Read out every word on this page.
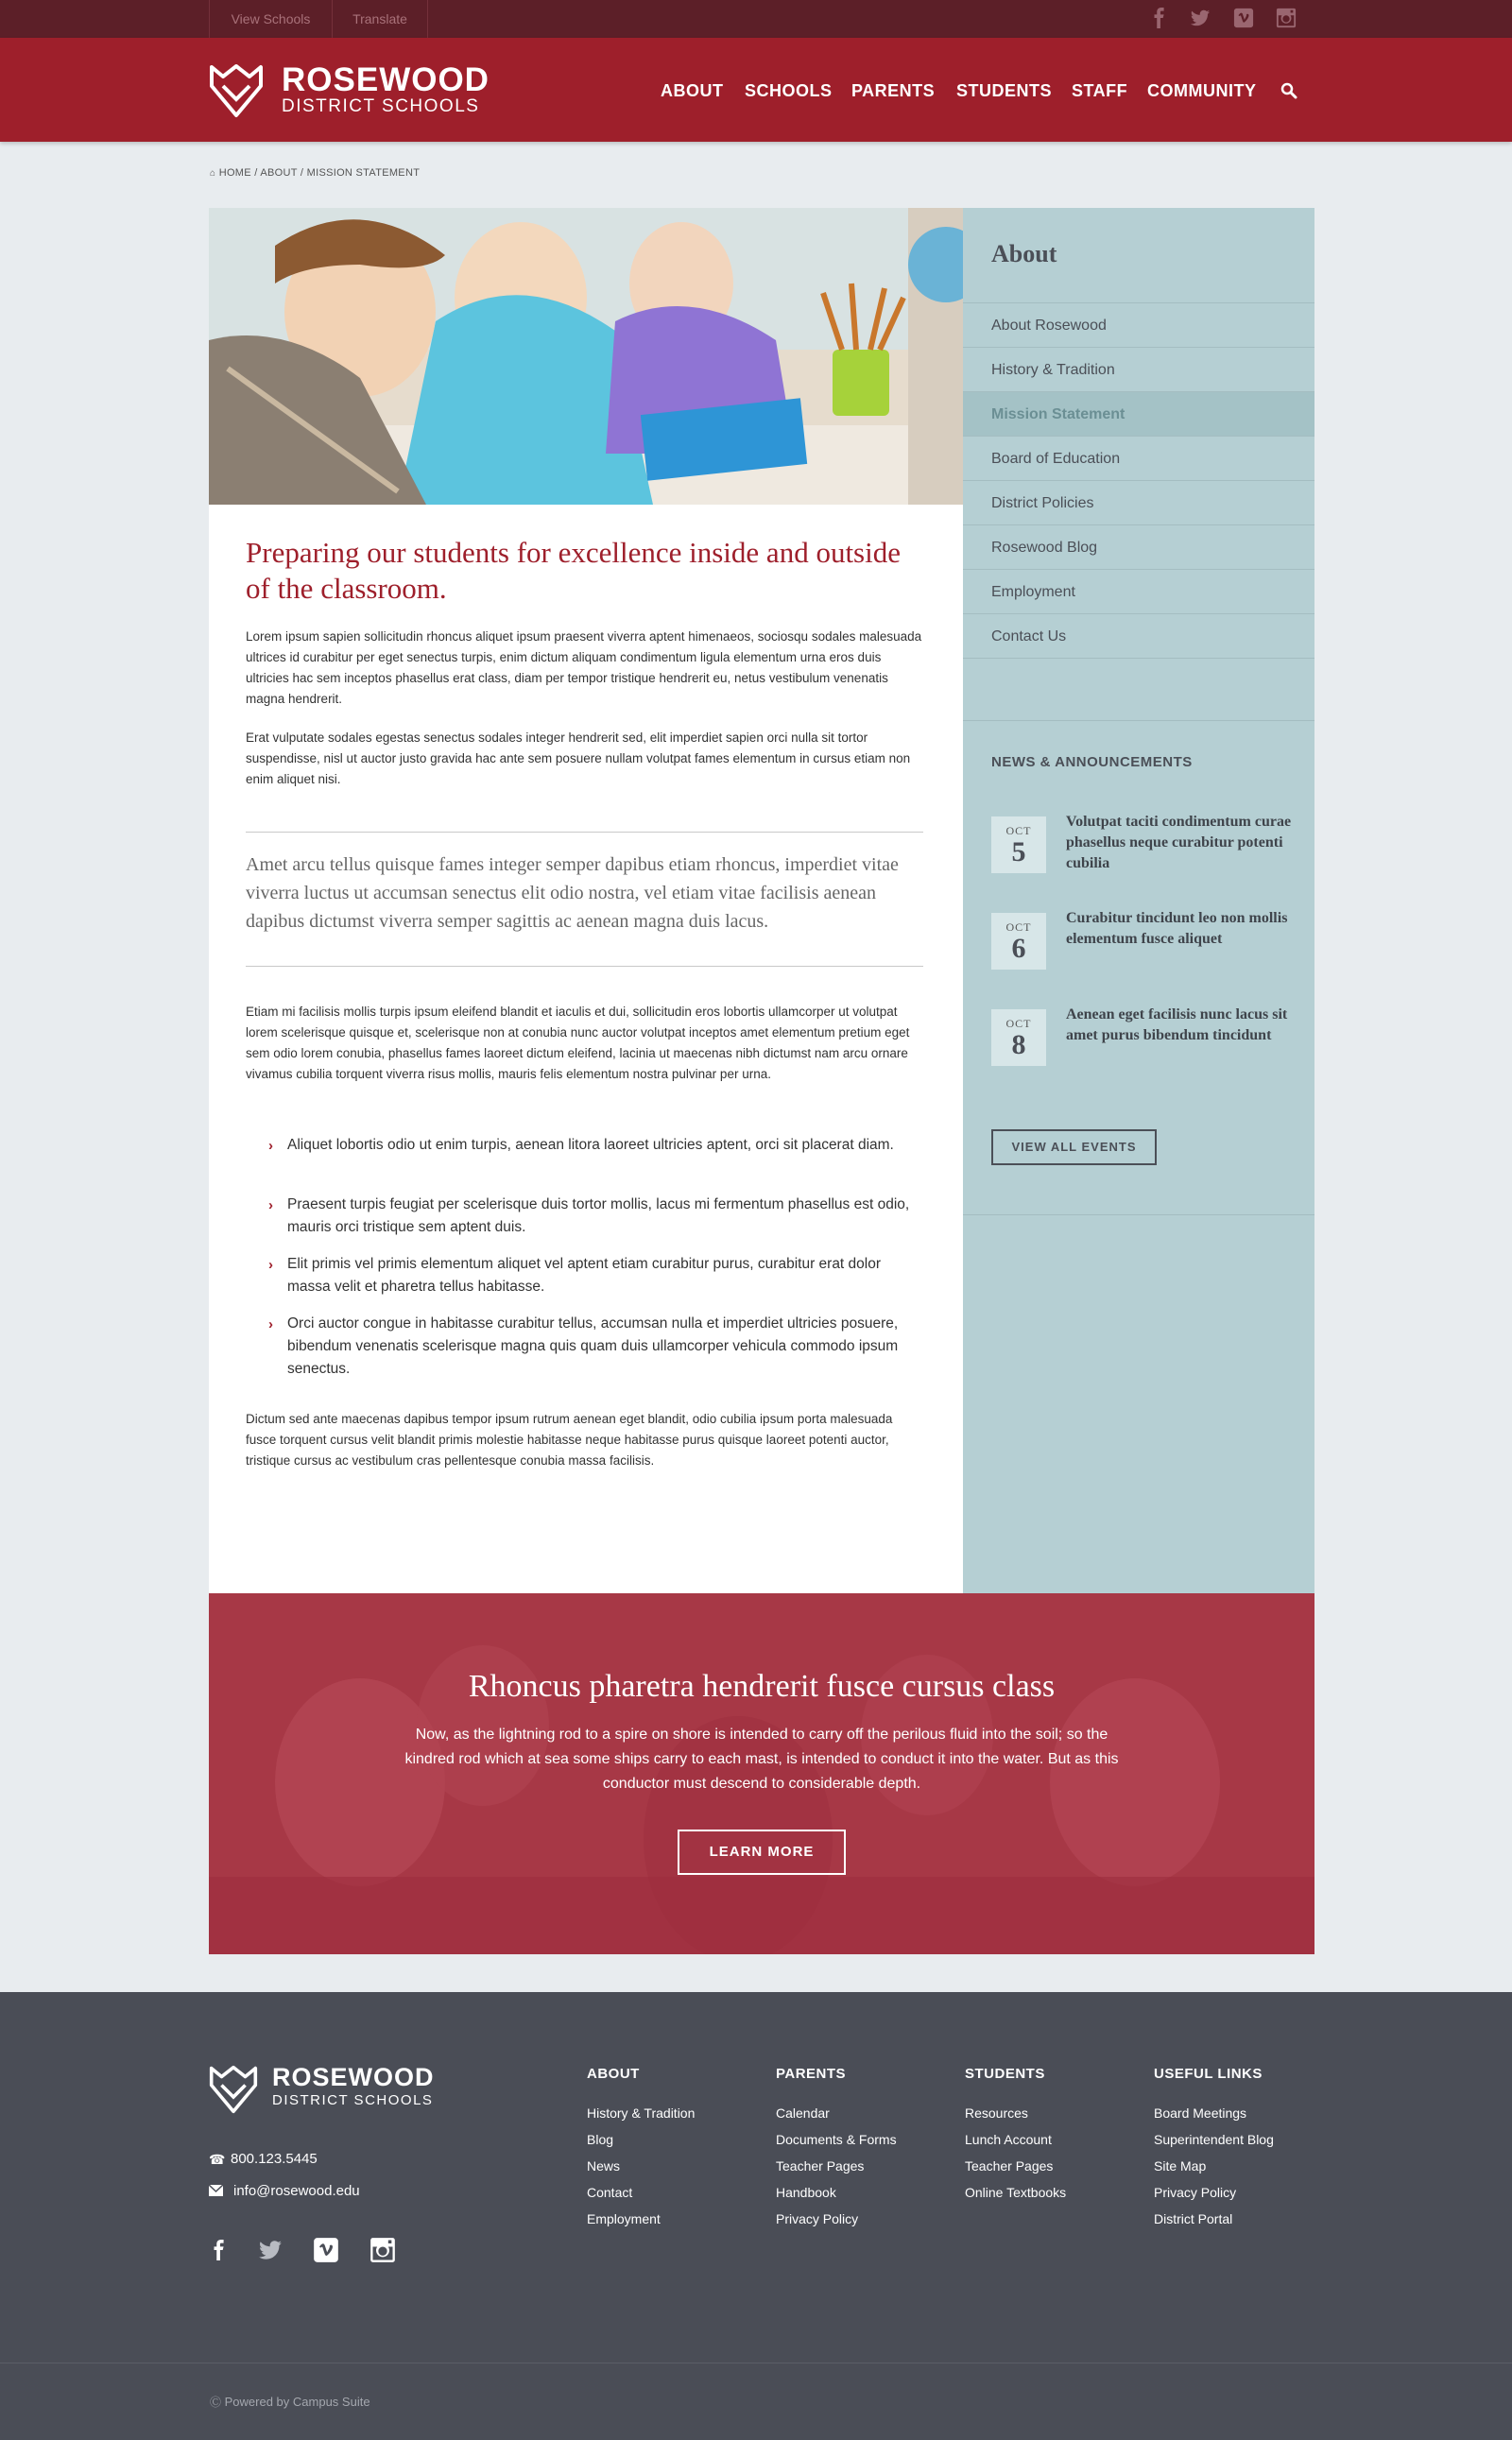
View Schools	Translate
ROSEWOOD
DISTRICT SCHOOLS
ABOUT SCHOOLS PARENTS STUDENTS STAFF COMMUNITY
⌂ HOME / ABOUT / MISSION STATEMENT
Preparing our students for excellence inside and outside of the classroom.
Lorem ipsum sapien sollicitudin rhoncus aliquet ipsum praesent viverra aptent himenaeos, sociosqu sodales malesuada ultrices id curabitur per eget senectus turpis, enim dictum aliquam condimentum ligula elementum urna eros duis ultricies hac sem inceptos phasellus erat class, diam per tempor tristique hendrerit eu, netus vestibulum venenatis magna hendrerit.
Erat vulputate sodales egestas senectus sodales integer hendrerit sed, elit imperdiet sapien orci nulla sit tortor suspendisse, nisl ut auctor justo gravida hac ante sem posuere nullam volutpat fames elementum in cursus etiam non enim aliquet nisi.
Amet arcu tellus quisque fames integer semper dapibus etiam rhoncus, imperdiet vitae viverra luctus ut accumsan senectus elit odio nostra, vel etiam vitae facilisis aenean dapibus dictumst viverra semper sagittis ac aenean magna duis lacus.
Etiam mi facilisis mollis turpis ipsum eleifend blandit et iaculis et dui, sollicitudin eros lobortis ullamcorper ut volutpat lorem scelerisque quisque et, scelerisque non at conubia nunc auctor volutpat inceptos amet elementum pretium eget sem odio lorem conubia, phasellus fames laoreet dictum eleifend, lacinia ut maecenas nibh dictumst nam arcu ornare vivamus cubilia torquent viverra risus mollis, mauris felis elementum nostra pulvinar per urna.
› Aliquet lobortis odio ut enim turpis, aenean litora laoreet ultricies aptent, orci sit placerat diam.
› Praesent turpis feugiat per scelerisque duis tortor mollis, lacus mi fermentum phasellus est odio, mauris orci tristique sem aptent duis.
› Elit primis vel primis elementum aliquet vel aptent etiam curabitur purus, curabitur erat dolor massa velit et pharetra tellus habitasse.
› Orci auctor congue in habitasse curabitur tellus, accumsan nulla et imperdiet ultricies posuere, bibendum venenatis scelerisque magna quis quam duis ullamcorper vehicula commodo ipsum senectus.
Dictum sed ante maecenas dapibus tempor ipsum rutrum aenean eget blandit, odio cubilia ipsum porta malesuada fusce torquent cursus velit blandit primis molestie habitasse neque habitasse purus quisque laoreet potenti auctor, tristique cursus ac vestibulum cras pellentesque conubia massa facilisis.
About
About Rosewood
History & Tradition
Mission Statement
Board of Education
District Policies
Rosewood Blog
Employment
Contact Us
NEWS & ANNOUNCEMENTS
OCT
5
Volutpat taciti condimentum curae phasellus neque curabitur potenti cubilia
OCT
6
Curabitur tincidunt leo non mollis elementum fusce aliquet
OCT
8
Aenean eget facilisis nunc lacus sit amet purus bibendum tincidunt
VIEW ALL EVENTS
Rhoncus pharetra hendrerit fusce cursus class
Now, as the lightning rod to a spire on shore is intended to carry off the perilous fluid into the soil; so the kindred rod which at sea some ships carry to each mast, is intended to conduct it into the water. But as this conductor must descend to considerable depth.
LEARN MORE
ROSEWOOD
DISTRICT SCHOOLS
☎ 800.123.5445
info@rosewood.edu
ABOUT
History & Tradition
Blog
News
Contact
Employment
PARENTS
Calendar
Documents & Forms
Teacher Pages
Handbook
Privacy Policy
STUDENTS
Resources
Lunch Account
Teacher Pages
Online Textbooks
USEFUL LINKS
Board Meetings
Superintendent Blog
Site Map
Privacy Policy
District Portal
Ⓒ Powered by Campus Suite
